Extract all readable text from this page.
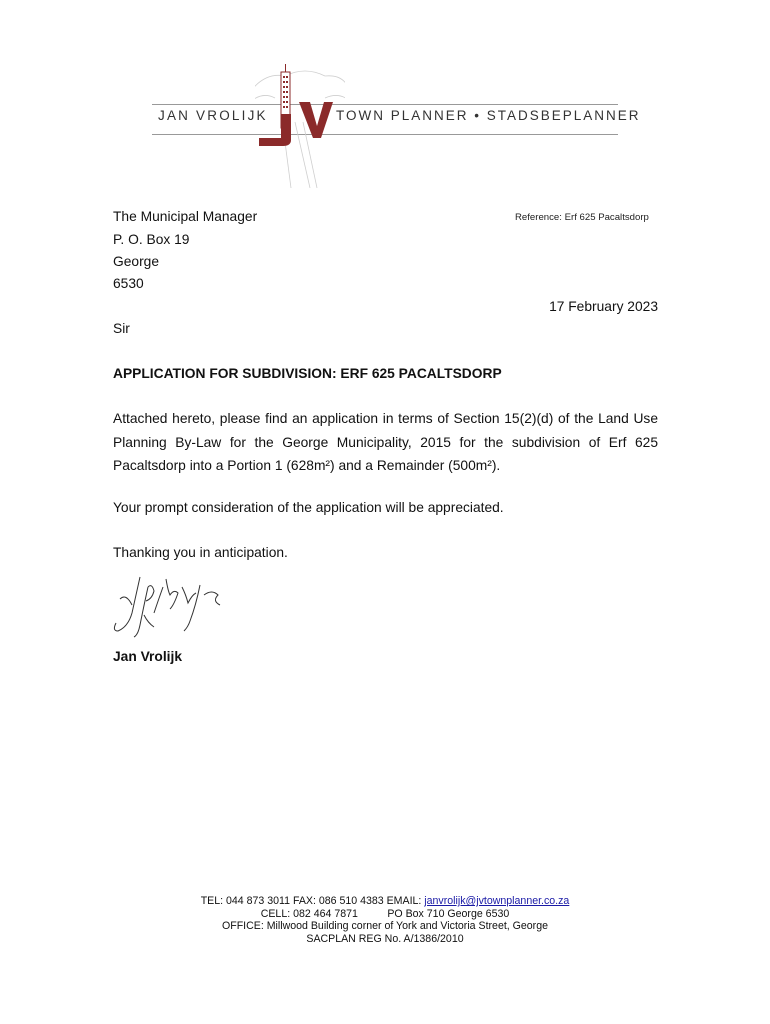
JAN VROLIJK	TOWN PLANNER • STADSBEPLANNER
The Municipal Manager
P. O. Box 19
George
6530
Reference: Erf 625 Pacaltsdorp
17 February 2023
Sir
APPLICATION FOR SUBDIVISION: ERF 625 PACALTSDORP
Attached hereto, please find an application in terms of Section 15(2)(d) of the Land Use
Planning By-Law for the George Municipality, 2015 for the subdivision of Erf 625
Pacaltsdorp into a Portion 1 (628m²) and a Remainder (500m²).
Your prompt consideration of the application will be appreciated.
Thanking you in anticipation.
Jan Vrolijk
TEL: 044 873 3011 FAX: 086 510 4383 EMAIL: janvrolijk@jvtownplanner.co.za
CELL: 082 464 7871          PO Box 710 George 6530
OFFICE: Millwood Building corner of York and Victoria Street, George
SACPLAN REG No. A/1386/2010
